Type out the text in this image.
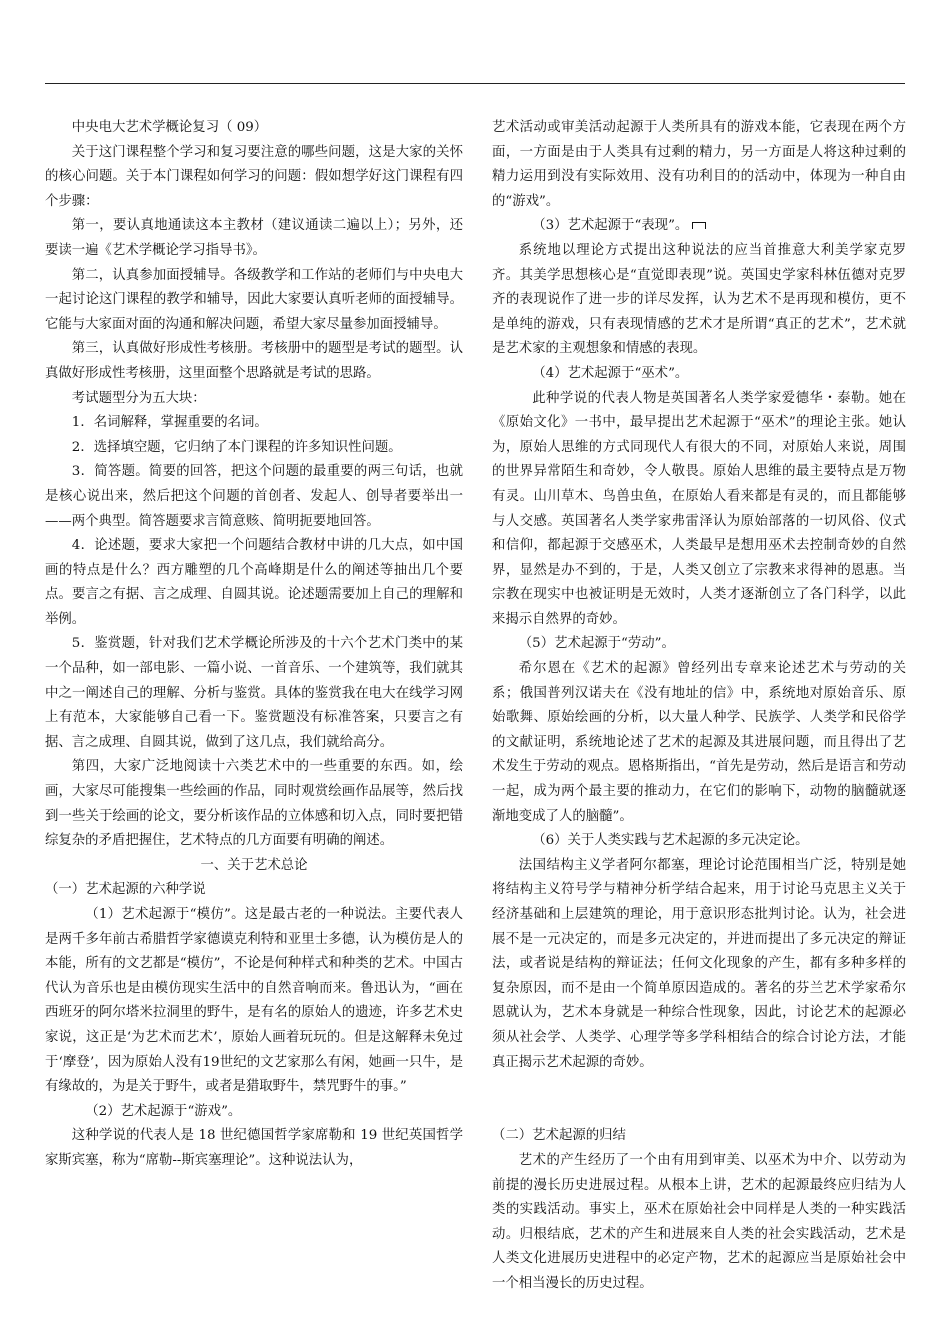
中央电大艺术学概论复习（ 09）

关于这门课程整个学习和复习要注意的哪些问题，这是大家的关怀的核心问题。关于本门课程如何学习的问题：假如想学好这门课程有四个步骤：

第一，要认真地通读这本主教材（建议通读二遍以上）；另外，还要读一遍《艺术学概论学习指导书》。

第二，认真参加面授辅导。各级教学和工作站的老师们与中央电大一起讨论这门课程的教学和辅导，因此大家要认真听老师的面授辅导。它能与大家面对面的沟通和解决问题，希望大家尽量参加面授辅导。

第三，认真做好形成性考核册。考核册中的题型是考试的题型。认真做好形成性考核册，这里面整个思路就是考试的思路。

考试题型分为五大块：

1．名词解释，掌握重要的名词。

2．选择填空题，它归纳了本门课程的许多知识性问题。

3．简答题。简要的回答，把这个问题的最重要的两三句话，也就是核心说出来，然后把这个问题的首创者、发起人、创导者要举出一——两个典型。简答题要求言简意赅、简明扼要地回答。

4．论述题，要求大家把一个问题结合教材中讲的几大点，如中国画的特点是什么？西方雕塑的几个高峰期是什么的阐述等抽出几个要点。要言之有据、言之成理、自圆其说。论述题需要加上自己的理解和举例。

5．鉴赏题，针对我们艺术学概论所涉及的十六个艺术门类中的某一个品种，如一部电影、一篇小说、一首音乐、一个建筑等，我们就其中之一阐述自己的理解、分析与鉴赏。具体的鉴赏我在电大在线学习网上有范本，大家能够自己看一下。鉴赏题没有标准答案，只要言之有据、言之成理、自圆其说，做到了这几点，我们就给高分。

第四，大家广泛地阅读十六类艺术中的一些重要的东西。如，绘画，大家尽可能搜集一些绘画的作品，同时观赏绘画作品展等，然后找到一些关于绘画的论文，要分析该作品的立体感和切入点，同时要把错综复杂的矛盾把握住，艺术特点的几方面要有明确的阐述。

一、关于艺术总论

（一）艺术起源的六种学说

（1）艺术起源于“模仿”。这是最古老的一种说法。主要代表人是两千多年前古希腊哲学家德谟克利特和亚里士多德，认为模仿是人的本能，所有的文艺都是“模仿”，不论是何种样式和种类的艺术。中国古代认为音乐也是由模仿现实生活中的自然音响而来。鲁迅认为，“画在西班牙的阿尔塔米拉洞里的野牛，是有名的原始人的遗迹，许多艺术史家说，这正是‘为艺术而艺术’，原始人画着玩玩的。但是这解释未免过于‘摩登’，因为原始人没有19世纪的文艺家那么有闲，她画一只牛，是有缘故的，为是关于野牛，或者是猎取野牛，禁咒野牛的事。”

（2）艺术起源于“游戏”。

这种学说的代表人是 18 世纪德国哲学家席勒和 19 世纪英国哲学家斯宾塞，称为“席勒--斯宾塞理论”。这种说法认为，

艺术活动或审美活动起源于人类所具有的游戏本能，它表现在两个方面，一方面是由于人类具有过剩的精力，另一方面是人将这种过剩的精力运用到没有实际效用、没有功利目的的活动中，体现为一种自由的“游戏”。

（3）艺术起源于“表现”。

系统地以理论方式提出这种说法的应当首推意大利美学家克罗齐。其美学思想核心是“直觉即表现”说。英国史学家科林伍德对克罗齐的表现说作了进一步的详尽发挥，认为艺术不是再现和模仿，更不是单纯的游戏，只有表现情感的艺术才是所谓“真正的艺术”，艺术就是艺术家的主观想象和情感的表现。

（4）艺术起源于“巫术”。

此种学说的代表人物是英国著名人类学家爱德华・泰勒。她在《原始文化》一书中，最早提出艺术起源于“巫术”的理论主张。她认为，原始人思维的方式同现代人有很大的不同，对原始人来说，周围的世界异常陌生和奇妙，令人敬畏。原始人思维的最主要特点是万物有灵。山川草木、鸟兽虫鱼，在原始人看来都是有灵的，而且都能够与人交感。英国著名人类学家弗雷泽认为原始部落的一切风俗、仪式和信仰，都起源于交感巫术，人类最早是想用巫术去控制奇妙的自然界，显然是办不到的，于是，人类又创立了宗教来求得神的恩惠。当宗教在现实中也被证明是无效时，人类才逐渐创立了各门科学，以此来揭示自然界的奇妙。

（5）艺术起源于“劳动”。

希尔恩在《艺术的起源》曾经列出专章来论述艺术与劳动的关系；俄国普列汉诺夫在《没有地址的信》中，系统地对原始音乐、原始歌舞、原始绘画的分析，以大量人种学、民族学、人类学和民俗学的文献证明，系统地论述了艺术的起源及其进展问题，而且得出了艺术发生于劳动的观点。恩格斯指出，“首先是劳动，然后是语言和劳动一起，成为两个最主要的推动力，在它们的影响下，动物的脑髓就逐渐地变成了人的脑髓”。

（6）关于人类实践与艺术起源的多元决定论。

法国结构主义学者阿尔都塞，理论讨论范围相当广泛，特别是她将结构主义符号学与精神分析学结合起来，用于讨论马克思主义关于经济基础和上层建筑的理论，用于意识形态批判讨论。认为，社会进展不是一元决定的，而是多元决定的，并进而提出了多元决定的辩证法，或者说是结构的辩证法；任何文化现象的产生，都有多种多样的复杂原因，而不是由一个简单原因造成的。著名的芬兰艺术学家希尔恩就认为，艺术本身就是一种综合性现象，因此，讨论艺术的起源必须从社会学、人类学、心理学等多学科相结合的综合讨论方法，才能真正揭示艺术起源的奇妙。

（二）艺术起源的归结

艺术的产生经历了一个由有用到审美、以巫术为中介、以劳动为前提的漫长历史进展过程。从根本上讲，艺术的起源最终应归结为人类的实践活动。事实上，巫术在原始社会中同样是人类的一种实践活动。归根结底，艺术的产生和进展来自人类的社会实践活动，艺术是人类文化进展历史进程中的必定产物，艺术的起源应当是原始社会中一个相当漫长的历史过程。
